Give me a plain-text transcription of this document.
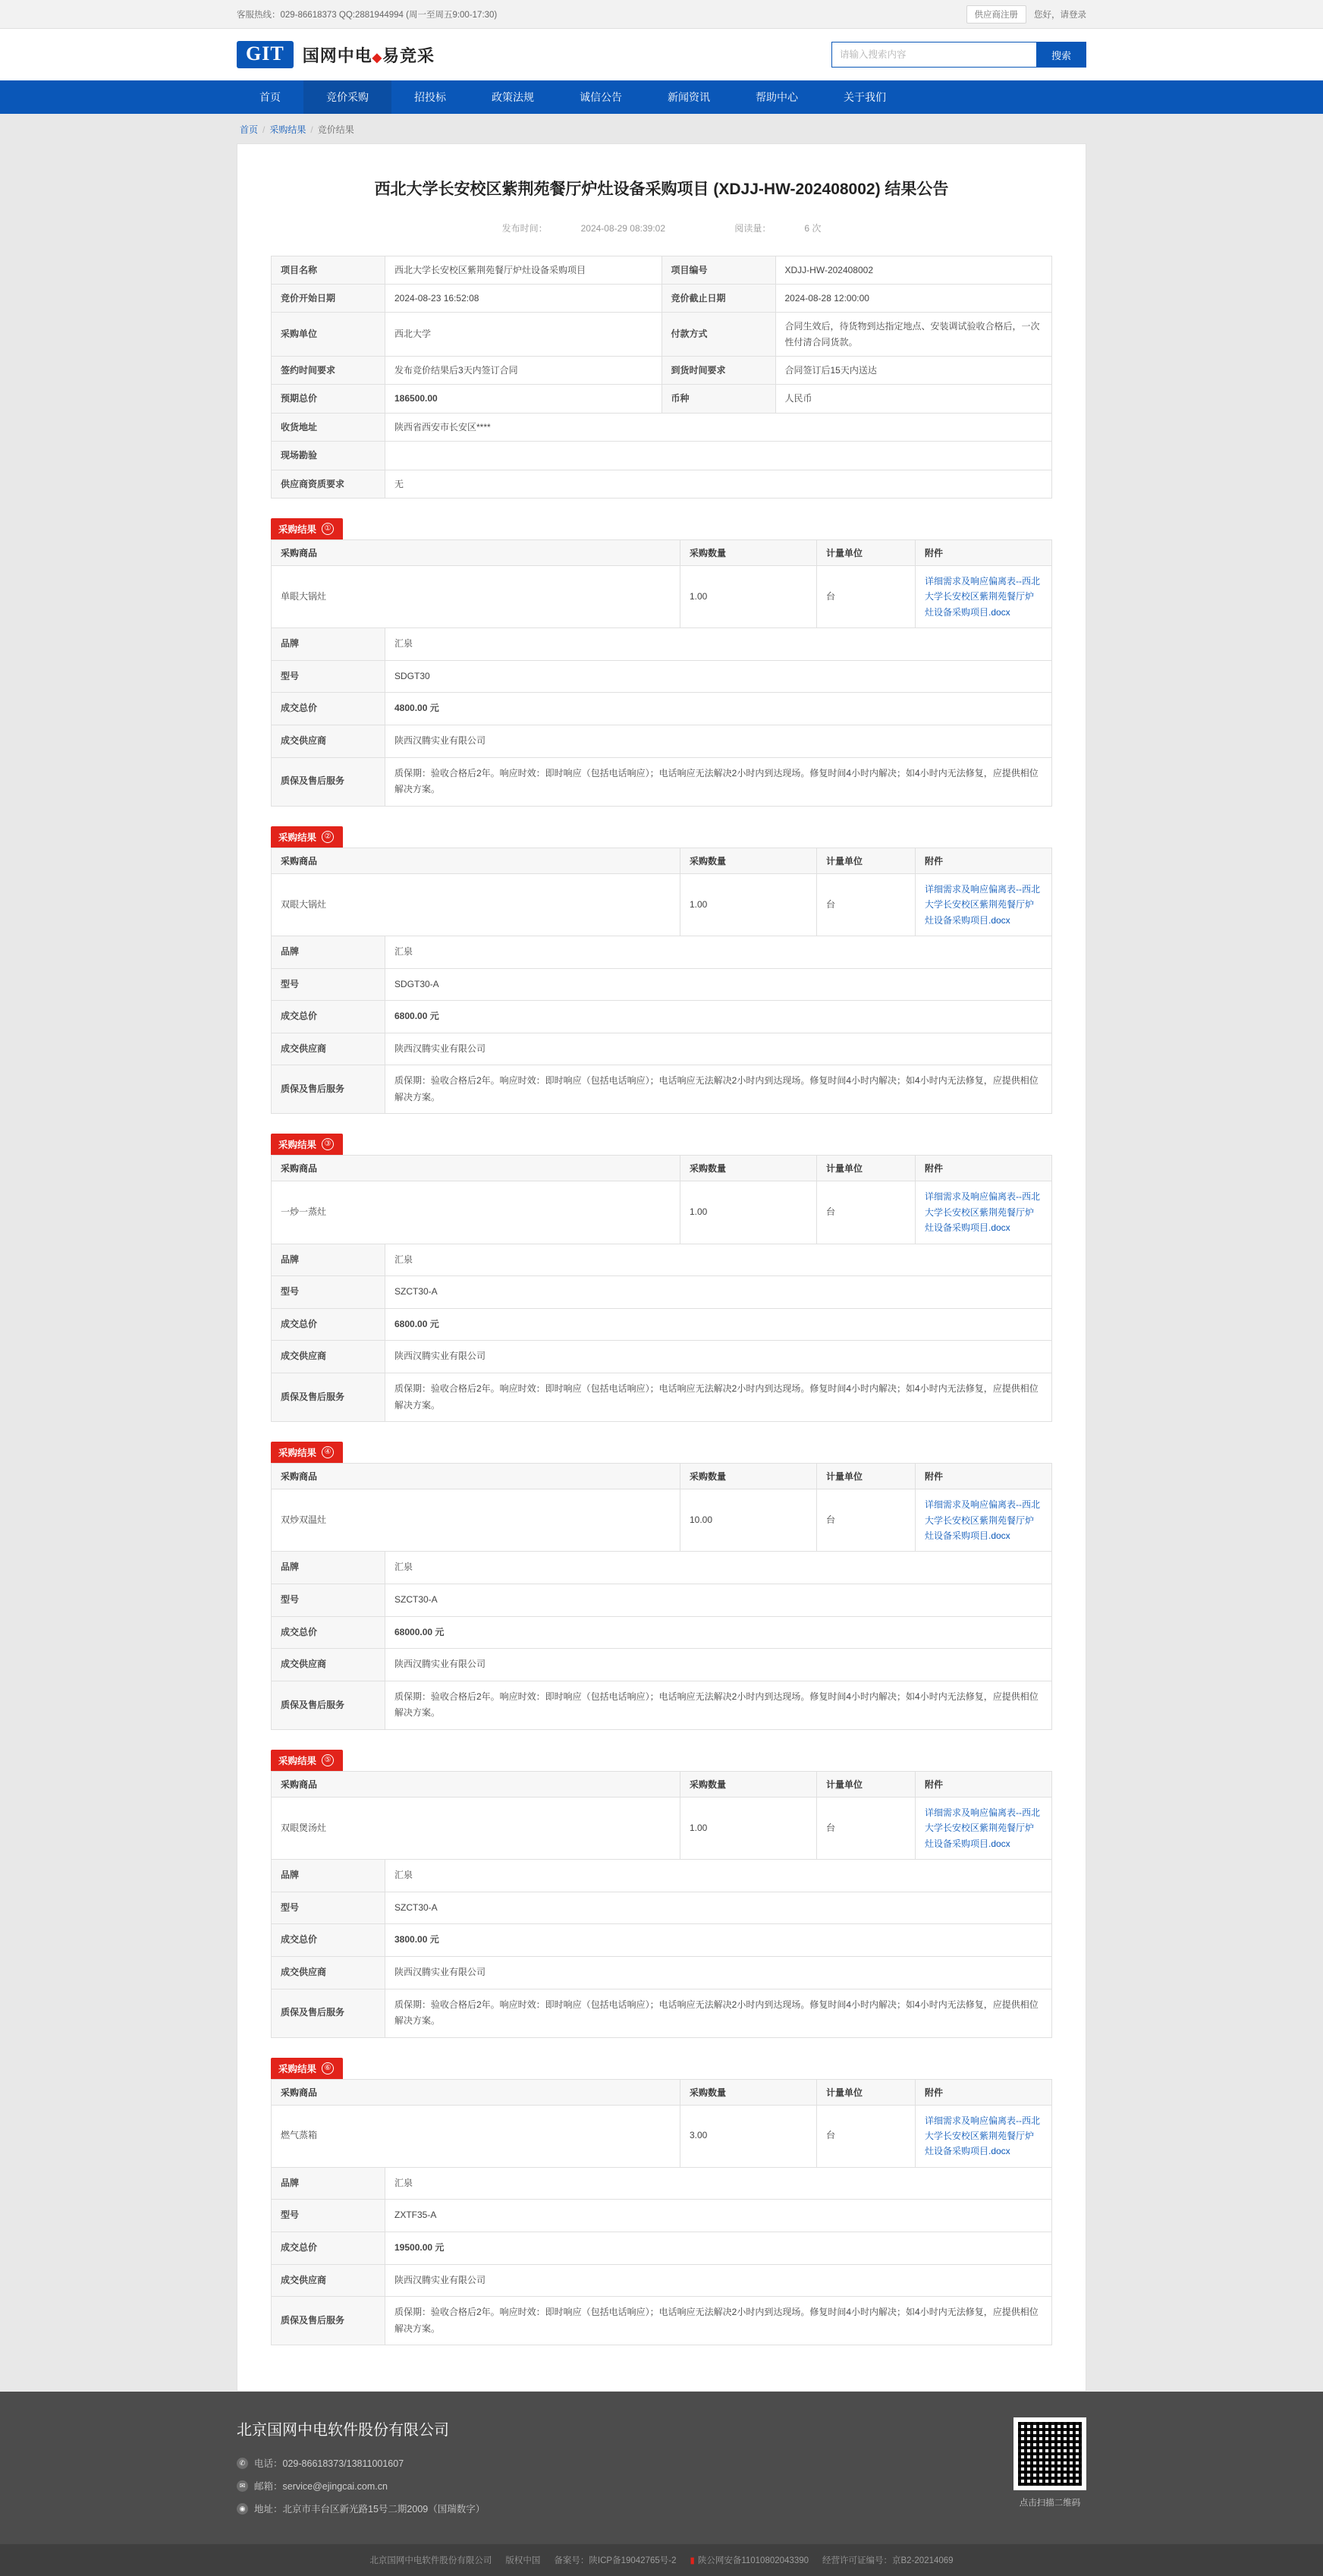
客服热线：029-86618373 QQ:2881944994 (周一至周五9:00-17:30)	供应商注册	您好，请登录
GIT	国网中电◆易竞采
请输入搜索内容	搜索
首页	竞价采购	招投标	政策法规	诚信公告	新闻资讯	帮助中心	关于我们
首页 / 采购结果 / 竞价结果
西北大学长安校区紫荆苑餐厅炉灶设备采购项目 (XDJJ-HW-202408002) 结果公告
发布时间：	2024-08-29 08:39:02	阅读量：	6 次
项目名称	西北大学长安校区紫荆苑餐厅炉灶设备采购项目	项目编号	XDJJ-HW-202408002
竞价开始日期	2024-08-23 16:52:08	竞价截止日期	2024-08-28 12:00:00
采购单位	西北大学	付款方式	合同生效后，待货物到达指定地点、安装调试验收合格后，一次性付清合同货款。
签约时间要求	发布竞价结果后3天内签订合同	到货时间要求	合同签订后15天内送达
预期总价	186500.00	币种	人民币
收货地址	陕西省西安市长安区****		
现场勘验			
供应商资质要求	无		
采购结果	①
采购商品		采购数量	计量单位	附件
单眼大锅灶		1.00	台	详细需求及响应偏离表--西北大学长安校区紫荆苑餐厅炉灶设备采购项目.docx

品牌	汇泉			
型号	SDGT30			
成交总价	4800.00 元			
成交供应商	陕西汉腾实业有限公司			
质保及售后服务	质保期：验收合格后2年。响应时效：即时响应（包括电话响应）；电话响应无法解决2小时内到达现场。修复时间4小时内解决；如4小时内无法修复，应提供相位解决方案。			
采购结果	②
采购商品		采购数量	计量单位	附件
双眼大锅灶		1.00	台	详细需求及响应偏离表--西北大学长安校区紫荆苑餐厅炉灶设备采购项目.docx

品牌	汇泉			
型号	SDGT30-A			
成交总价	6800.00 元			
成交供应商	陕西汉腾实业有限公司			
质保及售后服务	质保期：验收合格后2年。响应时效：即时响应（包括电话响应）；电话响应无法解决2小时内到达现场。修复时间4小时内解决；如4小时内无法修复，应提供相位解决方案。			
采购结果	③
采购商品		采购数量	计量单位	附件
一炒一蒸灶		1.00	台	详细需求及响应偏离表--西北大学长安校区紫荆苑餐厅炉灶设备采购项目.docx

品牌	汇泉			
型号	SZCT30-A			
成交总价	6800.00 元			
成交供应商	陕西汉腾实业有限公司			
质保及售后服务	质保期：验收合格后2年。响应时效：即时响应（包括电话响应）；电话响应无法解决2小时内到达现场。修复时间4小时内解决；如4小时内无法修复，应提供相位解决方案。			
采购结果	④
采购商品		采购数量	计量单位	附件
双炒双温灶		10.00	台	详细需求及响应偏离表--西北大学长安校区紫荆苑餐厅炉灶设备采购项目.docx

品牌	汇泉			
型号	SZCT30-A			
成交总价	68000.00 元			
成交供应商	陕西汉腾实业有限公司			
质保及售后服务	质保期：验收合格后2年。响应时效：即时响应（包括电话响应）；电话响应无法解决2小时内到达现场。修复时间4小时内解决；如4小时内无法修复，应提供相位解决方案。			
采购结果	⑤
采购商品		采购数量	计量单位	附件
双眼煲汤灶		1.00	台	详细需求及响应偏离表--西北大学长安校区紫荆苑餐厅炉灶设备采购项目.docx

品牌	汇泉			
型号	SZCT30-A			
成交总价	3800.00 元			
成交供应商	陕西汉腾实业有限公司			
质保及售后服务	质保期：验收合格后2年。响应时效：即时响应（包括电话响应）；电话响应无法解决2小时内到达现场。修复时间4小时内解决；如4小时内无法修复，应提供相位解决方案。			
采购结果	⑥
采购商品		采购数量	计量单位	附件
燃气蒸箱		3.00	台	详细需求及响应偏离表--西北大学长安校区紫荆苑餐厅炉灶设备采购项目.docx

品牌	汇泉			
型号	ZXTF35-A			
成交总价	19500.00 元			
成交供应商	陕西汉腾实业有限公司			
质保及售后服务	质保期：验收合格后2年。响应时效：即时响应（包括电话响应）；电话响应无法解决2小时内到达现场。修复时间4小时内解决；如4小时内无法修复，应提供相位解决方案。			
北京国网中电软件股份有限公司
✆ 电话：029-86618373/13811001607
✉ 邮箱：service@ejingcai.com.cn
◉ 地址：北京市丰台区新光路15号二期2009（国瑞数字）
点击扫描二维码
北京国网中电软件股份有限公司 版权中国 备案号：陕ICP备19042765号-2 ▮ 陕公网安备11010802043390 经营许可证编号：京B2-20214069
